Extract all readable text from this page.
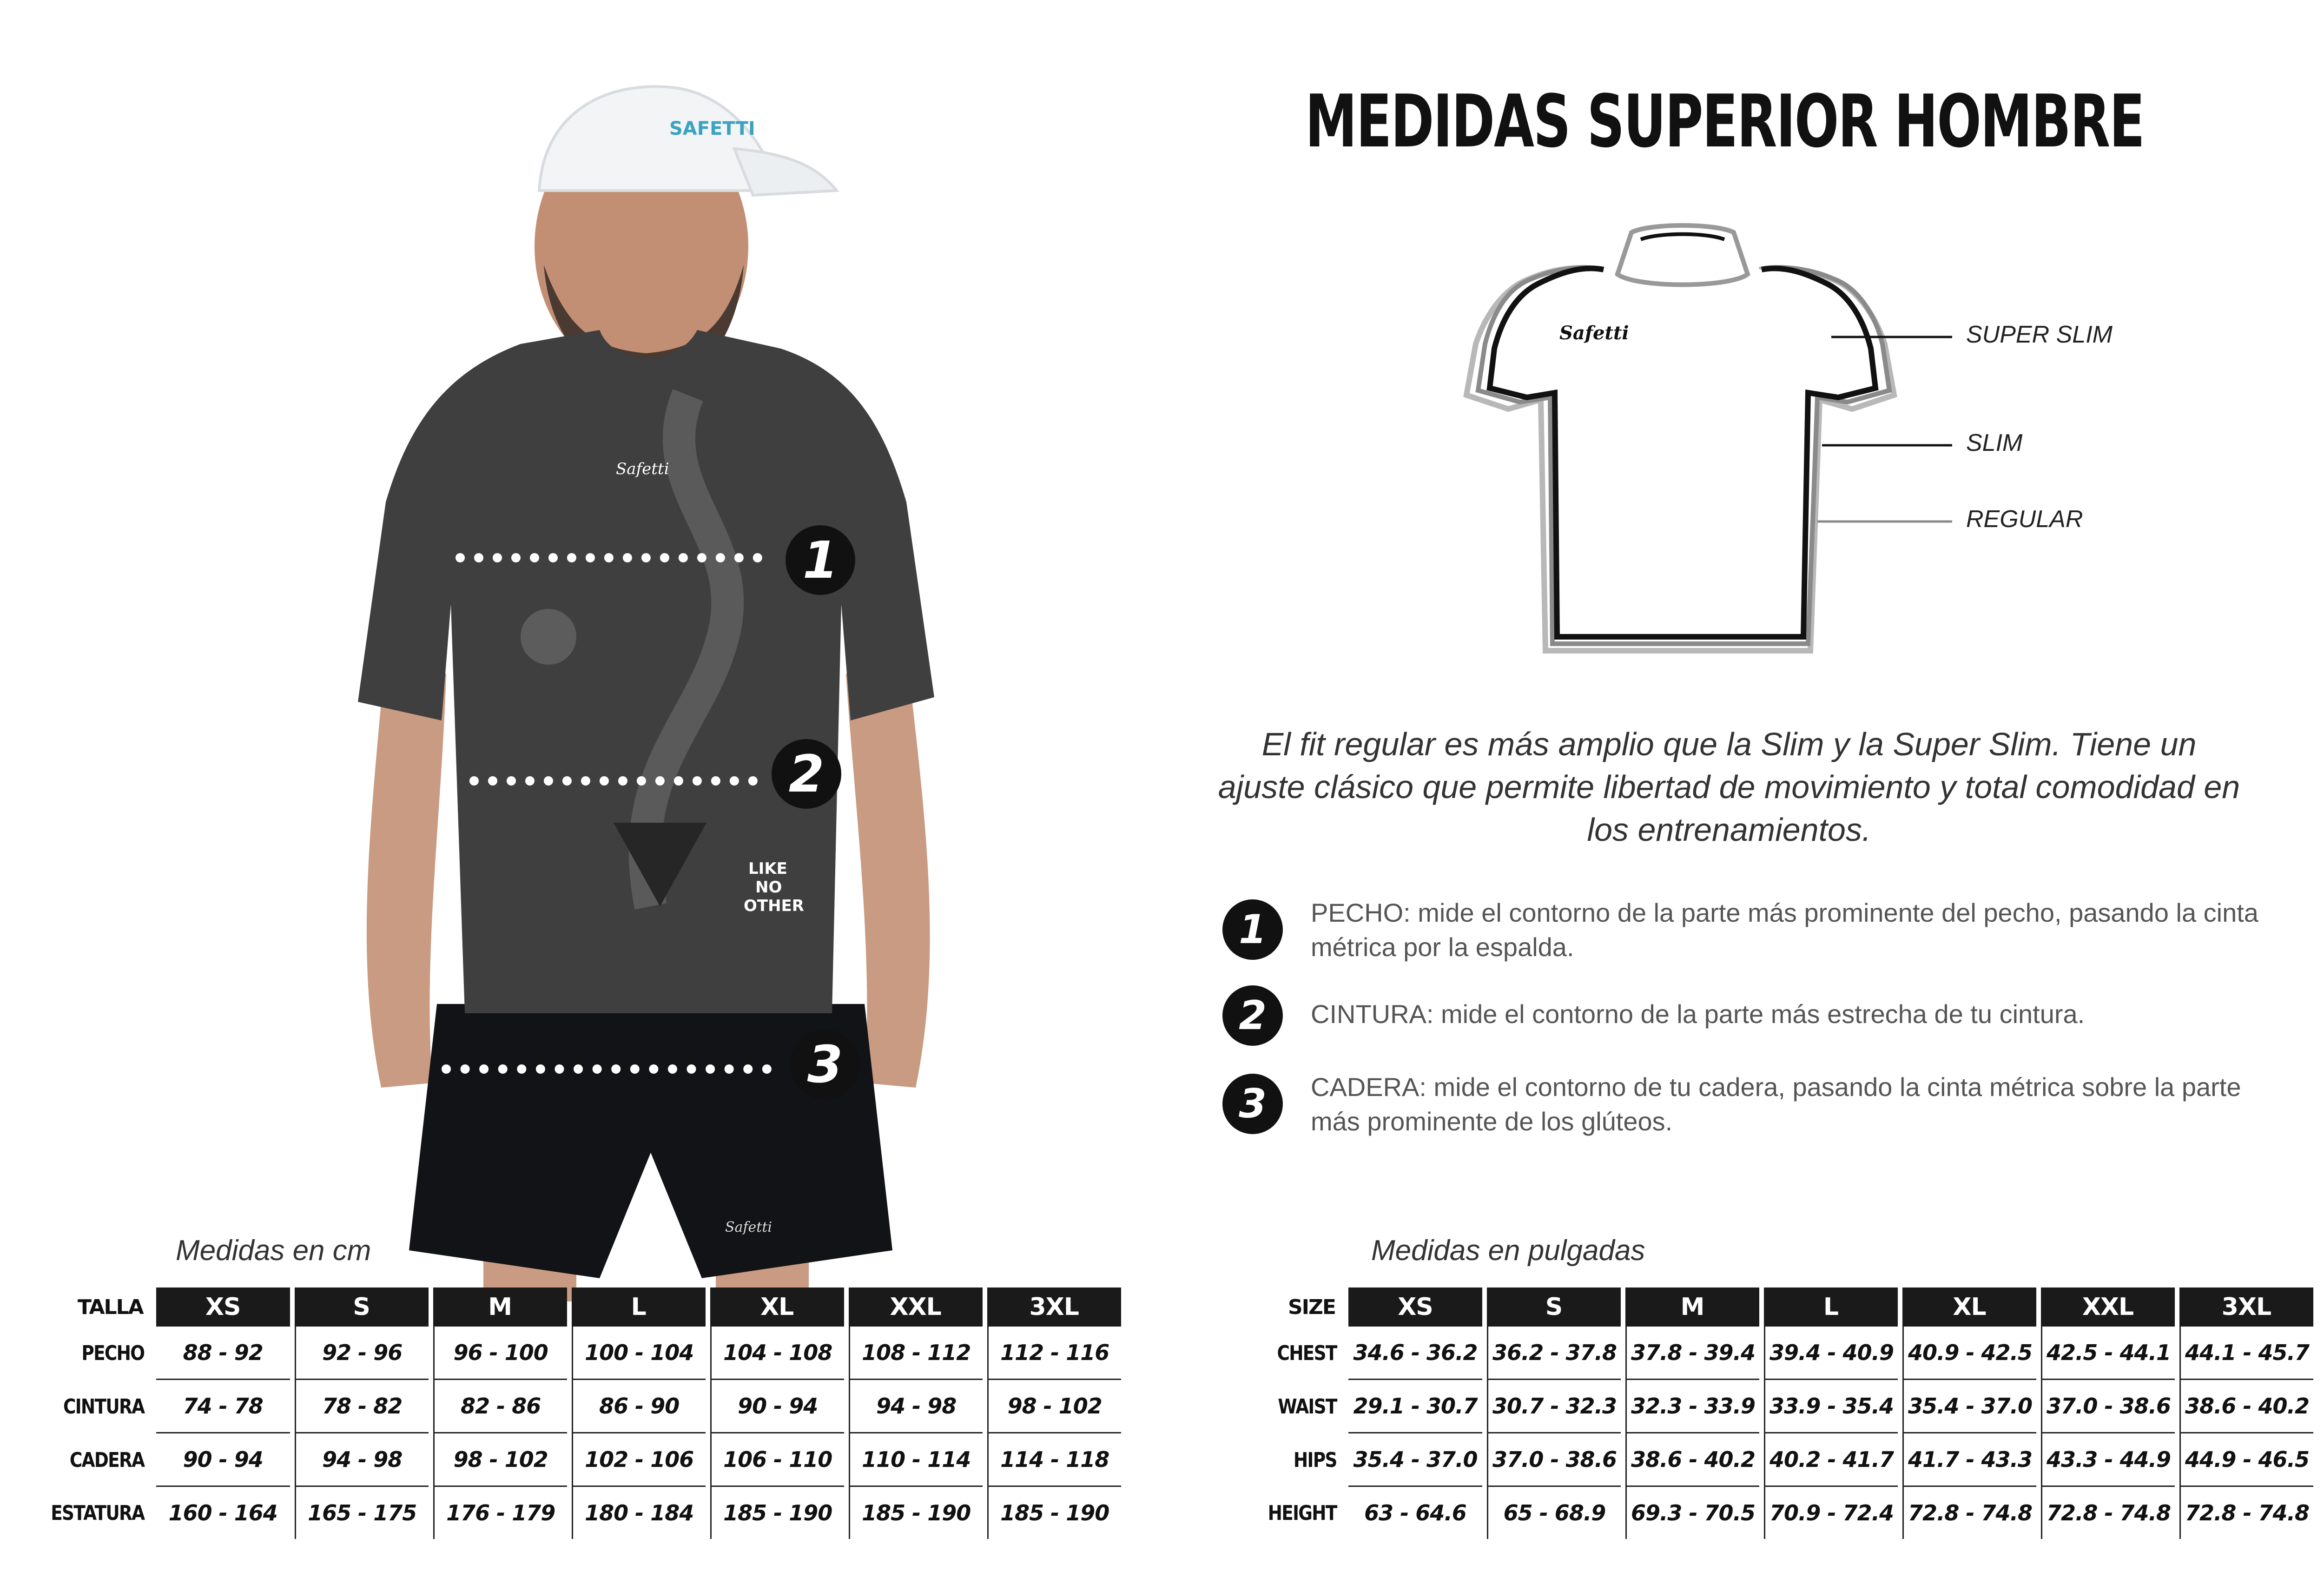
SAFETTI
LIKE
NO
OTHER
Safetti
Safetti
1
2
3
MEDIDAS SUPERIOR HOMBRE
Safetti	SUPER SLIM
SLIM
REGULAR
El fit regular es más amplio que la Slim y la Super Slim. Tiene un ajuste clásico que permite libertad de movimiento y total comodidad en los entrenamientos.
1	PECHO: mide el contorno de la parte más prominente del pecho, pasando la cinta métrica por la espalda.
2	CINTURA: mide el contorno de la parte más estrecha de tu cintura.
3	CADERA: mide el contorno de tu cadera, pasando la cinta métrica sobre la parte más prominente de los glúteos.
Medidas en cm
TALLA	XS	S	M	L	XL	XXL	3XL
PECHO	88 - 92	92 - 96	96 - 100	100 - 104	104 - 108	108 - 112	112 - 116
CINTURA	74 - 78	78 - 82	82 - 86	86 - 90	90 - 94	94 - 98	98 - 102
CADERA	90 - 94	94 - 98	98 - 102	102 - 106	106 - 110	110 - 114	114 - 118
ESTATURA	160 - 164	165 - 175	176 - 179	180 - 184	185 - 190	185 - 190	185 - 190
Medidas en pulgadas
SIZE	XS	S	M	L	XL	XXL	3XL
CHEST	34.6 - 36.2	36.2 - 37.8	37.8 - 39.4	39.4 - 40.9	40.9 - 42.5	42.5 - 44.1	44.1 - 45.7
WAIST	29.1 - 30.7	30.7 - 32.3	32.3 - 33.9	33.9 - 35.4	35.4 - 37.0	37.0 - 38.6	38.6 - 40.2
HIPS	35.4 - 37.0	37.0 - 38.6	38.6 - 40.2	40.2 - 41.7	41.7 - 43.3	43.3 - 44.9	44.9 - 46.5
HEIGHT	63 - 64.6	65 - 68.9	69.3 - 70.5	70.9 - 72.4	72.8 - 74.8	72.8 - 74.8	72.8 - 74.8
